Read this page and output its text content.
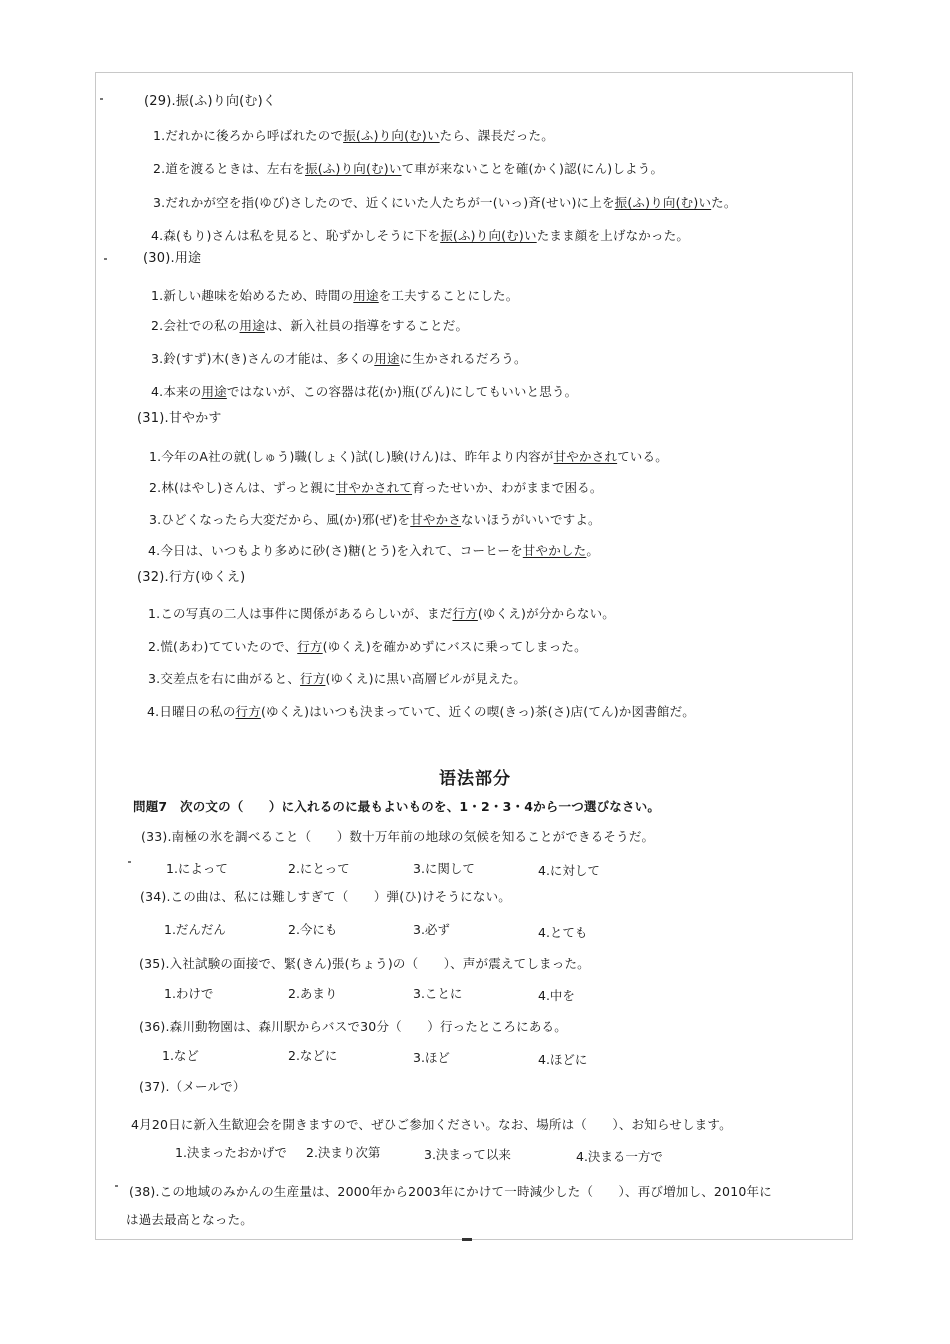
(29).振(ふ)り向(む)く
1.だれかに後ろから呼ばれたので振(ふ)り向(む)いたら、課長だった。
2.道を渡るときは、左右を振(ふ)り向(む)いて車が来ないことを確(かく)認(にん)しよう。
3.だれかが空を指(ゆび)さしたので、近くにいた人たちが一(いっ)斉(せい)に上を振(ふ)り向(む)いた。
4.森(もり)さんは私を見ると、恥ずかしそうに下を振(ふ)り向(む)いたまま顔を上げなかった。
(30).用途
1.新しい趣味を始めるため、時間の用途を工夫することにした。
2.会社での私の用途は、新入社員の指導をすることだ。
3.鈴(すず)木(き)さんの才能は、多くの用途に生かされるだろう。
4.本来の用途ではないが、この容器は花(か)瓶(びん)にしてもいいと思う。
(31).甘やかす
1.今年のA社の就(しゅう)職(しょく)試(し)験(けん)は、昨年より内容が甘やかされている。
2.林(はやし)さんは、ずっと親に甘やかされて育ったせいか、わがままで困る。
3.ひどくなったら大変だから、風(か)邪(ぜ)を甘やかさないほうがいいですよ。
4.今日は、いつもより多めに砂(さ)糖(とう)を入れて、コーヒーを甘やかした。
(32).行方(ゆくえ)
1.この写真の二人は事件に関係があるらしいが、まだ行方(ゆくえ)が分からない。
2.慌(あわ)てていたので、行方(ゆくえ)を確かめずにバスに乗ってしまった。
3.交差点を右に曲がると、行方(ゆくえ)に黒い高層ビルが見えた。
4.日曜日の私の行方(ゆくえ)はいつも決まっていて、近くの喫(きっ)茶(さ)店(てん)か図書館だ。
语法部分
問題7　次の文の（　　）に入れるのに最もよいものを、1・2・3・4から一つ選びなさい。
(33).南極の氷を調べること（　　）数十万年前の地球の気候を知ることができるそうだ。
1.によって	2.にとって	3.に関して	4.に対して
(34).この曲は、私には難しすぎて（　　）弾(ひ)けそうにない。
1.だんだん	2.今にも	3.必ず	4.とても
(35).入社試験の面接で、緊(きん)張(ちょう)の（　　）、声が震えてしまった。
1.わけで	2.あまり	3.ことに	4.中を
(36).森川動物園は、森川駅からバスで30分（　　）行ったところにある。
1.など	2.などに	3.ほど	4.ほどに
(37).（メールで）
4月20日に新入生歓迎会を開きますので、ぜひご参加ください。なお、場所は（　　）、お知らせします。
1.決まったおかげで 2.決まり次第	3.決まって以来	4.決まる一方で
(38).この地域のみかんの生産量は、2000年から2003年にかけて一時減少した（　　）、再び増加し、2010年に
は過去最高となった。
